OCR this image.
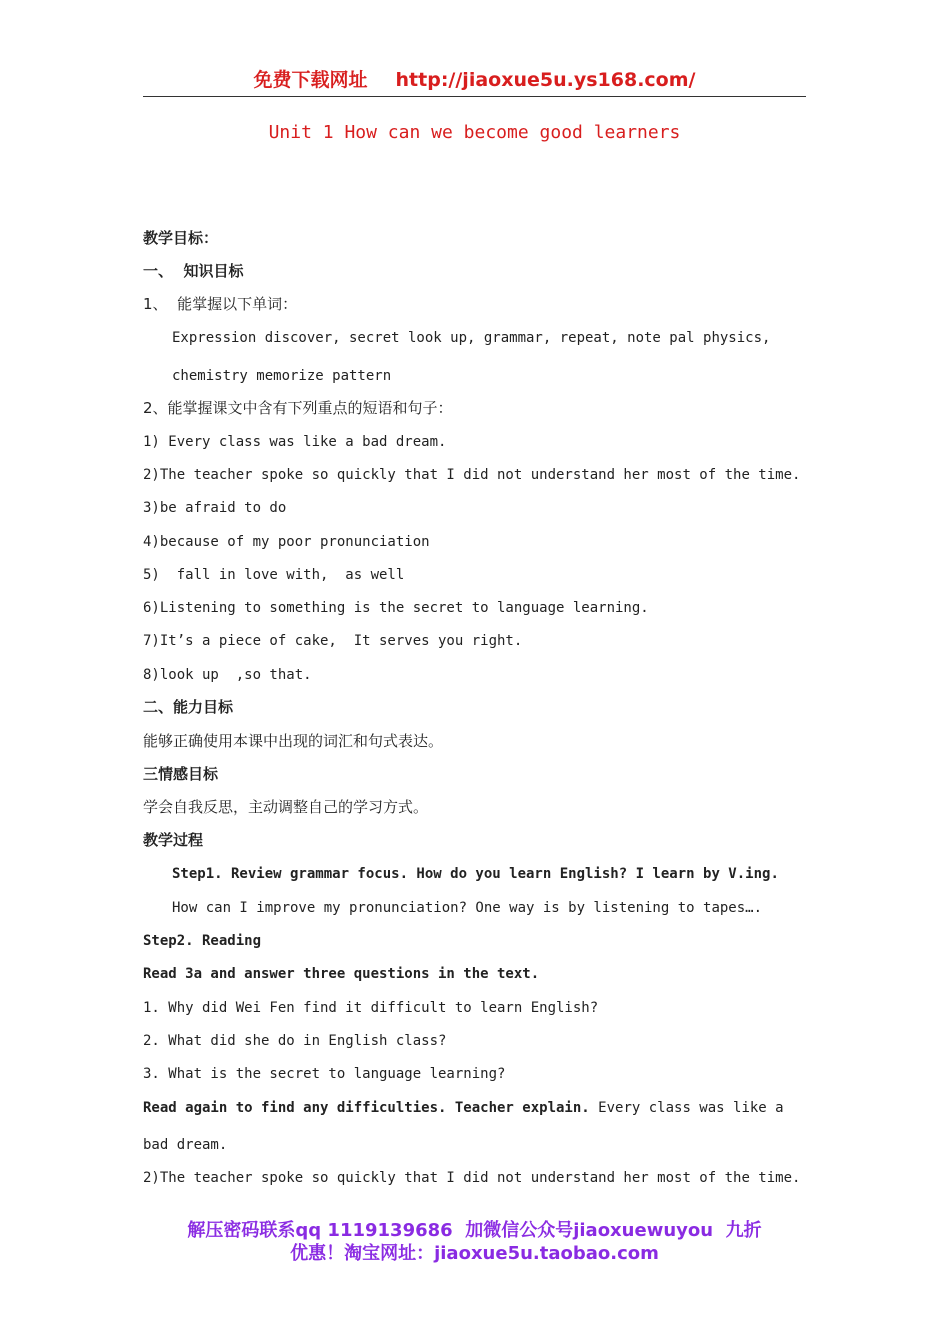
免费下载网址 http://jiaoxue5u.ys168.com/
Unit 1 How can we become good learners
教学目标：
一、  知识目标
1、  能掌握以下单词：
Expression discover, secret look up, grammar, repeat, note pal physics,
chemistry memorize pattern
2、能掌握课文中含有下列重点的短语和句子：
1) Every class was like a bad dream.
2)The teacher spoke so quickly that I did not understand her most of the time.
3)be afraid to do
4)because of my poor pronunciation
5)  fall in love with,  as well
6)Listening to something is the secret to language learning.
7)It’s a piece of cake,  It serves you right.
8)look up  ,so that.
二、能力目标
能够正确使用本课中出现的词汇和句式表达。
三情感目标
学会自我反思，主动调整自己的学习方式。
教学过程
Step1. Review grammar focus. How do you learn English? I learn by V.ing.
How can I improve my pronunciation? One way is by listening to tapes….
Step2. Reading
Read 3a and answer three questions in the text.
1. Why did Wei Fen find it difficult to learn English?
2. What did she do in English class?
3. What is the secret to language learning?
Read again to find any difficulties. Teacher explain. Every class was like a
bad dream.
2)The teacher spoke so quickly that I did not understand her most of the time.
解压密码联系qq 1119139686  加微信公众号jiaoxuewuyou  九折
优惠！淘宝网址：jiaoxue5u.taobao.com
